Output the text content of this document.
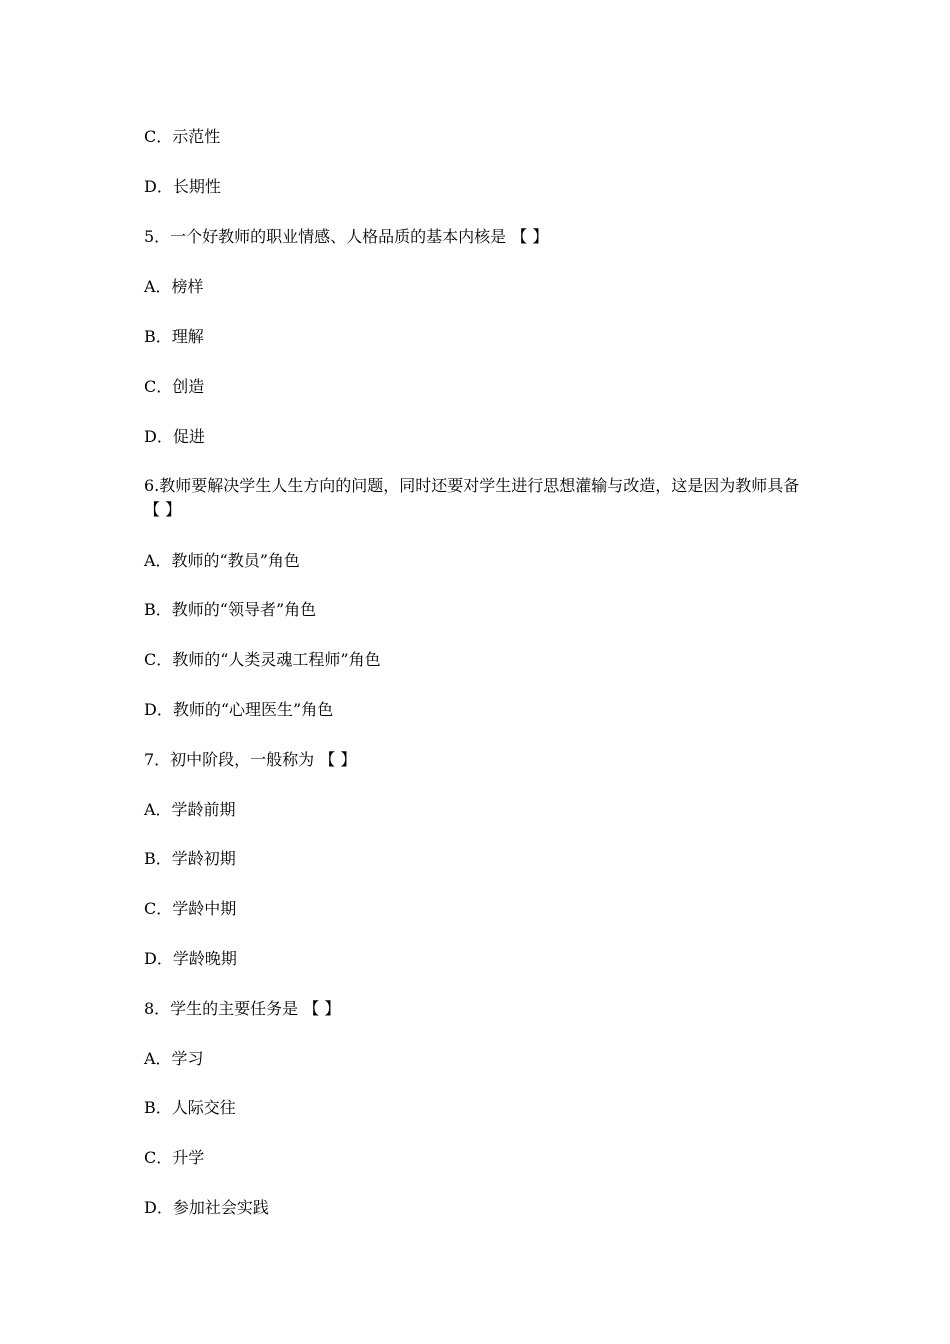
C．示范性
D．长期性
5．一个好教师的职业情感、人格品质的基本内核是 【 】
A．榜样
B．理解
C．创造
D．促进
6.教师要解决学生人生方向的问题，同时还要对学生进行思想灌输与改造，这是因为教师具备 【 】
A．教师的“教员”角色
B．教师的“领导者”角色
C．教师的“人类灵魂工程师”角色
D．教师的“心理医生”角色
7．初中阶段，一般称为 【 】
A．学龄前期
B．学龄初期
C．学龄中期
D．学龄晚期
8．学生的主要任务是 【 】
A．学习
B．人际交往
C．升学
D．参加社会实践
